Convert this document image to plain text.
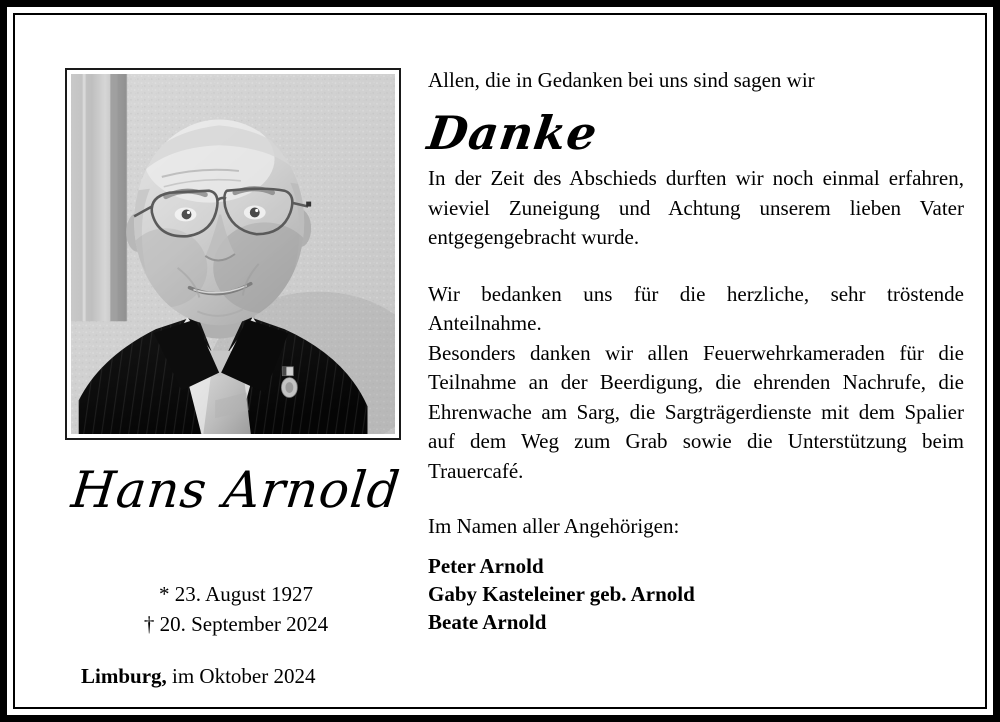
Hans Arnold
* 23. August 1927
† 20. September 2024
Limburg, im Oktober 2024

Allen, die in Gedanken bei uns sind sagen wir

Danke

In der Zeit des Abschieds durften wir noch einmal erfahren, wieviel Zuneigung und Achtung unserem lieben Vater entgegengebracht wurde.

Wir bedanken uns für die herzliche, sehr tröstende Anteilnahme.

Besonders danken wir allen Feuerwehrkameraden für die Teilnahme an der Beerdigung, die ehrenden Nachrufe, die Ehrenwache am Sarg, die Sargträgerdienste mit dem Spalier auf dem Weg zum Grab sowie die Unterstützung beim Trauercafé.

Im Namen aller Angehörigen:

Peter Arnold
Gaby Kasteleiner geb. Arnold
Beate Arnold
